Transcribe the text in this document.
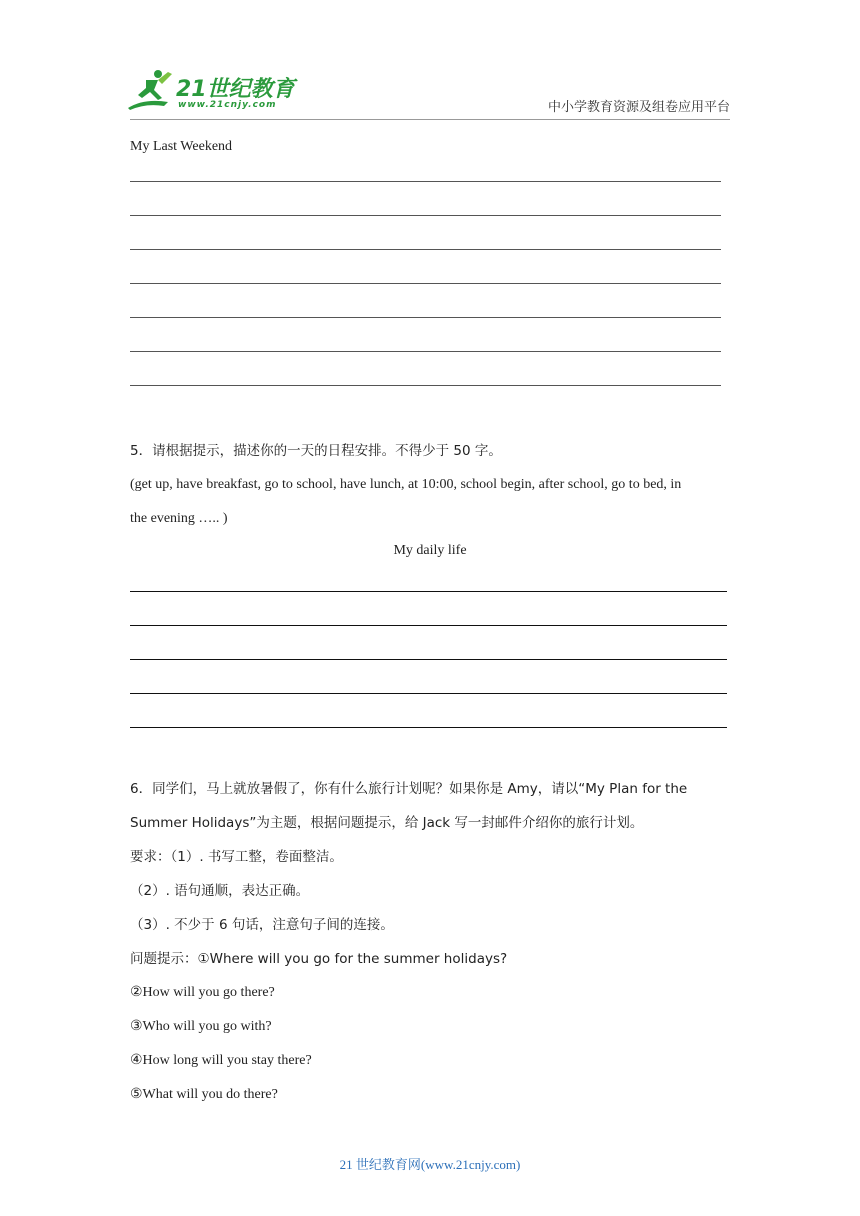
21世纪教育
www.21cnjy.com	中小学教育资源及组卷应用平台
My Last Weekend
5．请根据提示，描述你的一天的日程安排。不得少于 50 字。
(get up, have breakfast, go to school, have lunch, at 10:00, school begin, after school, go to bed, in
the evening ….. )
My daily life
6．同学们，马上就放暑假了，你有什么旅行计划呢？如果你是 Amy，请以“My Plan for the
Summer Holidays”为主题，根据问题提示，给 Jack 写一封邮件介绍你的旅行计划。
要求：（1）. 书写工整，卷面整洁。
（2）. 语句通顺，表达正确。
（3）. 不少于 6 句话，注意句子间的连接。
问题提示：①Where will you go for the summer holidays?
②How will you go there?
③Who will you go with?
④How long will you stay there?
⑤What will you do there?
21 世纪教育网(www.21cnjy.com)
